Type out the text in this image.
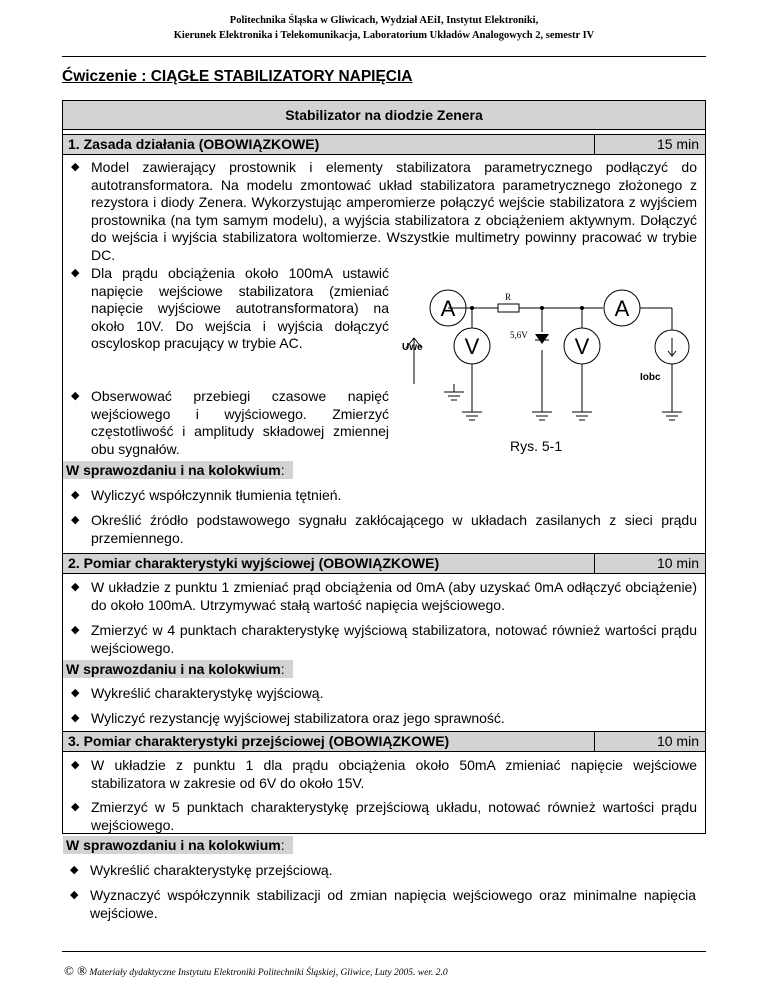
Politechnika Śląska w Gliwicach, Wydział AEiI, Instytut Elektroniki,
Kierunek Elektronika i Telekomunikacja, Laboratorium Układów Analogowych 2, semestr IV
Ćwiczenie : CIĄGŁE STABILIZATORY NAPIĘCIA
Stabilizator na diodzie Zenera
1. Zasada działania (OBOWIĄZKOWE)	15 min
◆ Model zawierający prostownik i elementy stabilizatora parametrycznego podłączyć do autotransformatora. Na modelu zmontować układ stabilizatora parametrycznego złożonego z rezystora i diody Zenera. Wykorzystując amperomierze połączyć wejście stabilizatora z wyjściem prostownika (na tym samym modelu), a wyjścia stabilizatora z obciążeniem aktywnym. Dołączyć do wejścia i wyjścia stabilizatora woltomierze. Wszystkie multimetry powinny pracować w trybie DC.
◆ Dla prądu obciążenia około 100mA ustawić napięcie wejściowe stabilizatora (zmieniać napięcie wyjściowe autotransformatora) na około 10V. Do wejścia i wyjścia dołączyć oscyloskop pracujący w trybie AC.
◆ Obserwować przebiegi czasowe napięć wejściowego i wyjściowego. Zmierzyć częstotliwość i amplitudy składowej zmiennej obu sygnałów.
W sprawozdaniu i na kolokwium:
◆ Wyliczyć współczynnik tłumienia tętnień.
◆ Określić źródło podstawowego sygnału zakłócającego w układach zasilanych z sieci prądu przemiennego.
2. Pomiar charakterystyki wyjściowej (OBOWIĄZKOWE)	10 min
◆ W układzie z punktu 1 zmieniać prąd obciążenia od 0mA (aby uzyskać 0mA odłączyć obciążenie) do około 100mA. Utrzymywać stałą wartość napięcia wejściowego.
◆ Zmierzyć w 4 punktach charakterystykę wyjściową stabilizatora, notować również wartości prądu wejściowego.
W sprawozdaniu i na kolokwium:
◆ Wykreślić charakterystykę wyjściową.
◆ Wyliczyć rezystancję wyjściowej stabilizatora oraz jego sprawność.
3. Pomiar charakterystyki przejściowej (OBOWIĄZKOWE)	10 min
◆ W układzie z punktu 1 dla prądu obciążenia około 50mA zmieniać napięcie wejściowe stabilizatora w zakresie od 6V do około 15V.
◆ Zmierzyć w 5 punktach charakterystykę przejściową układu, notować również wartości prądu wejściowego.
W sprawozdaniu i na kolokwium:
◆ Wykreślić charakterystykę przejściową.
◆ Wyznaczyć współczynnik stabilizacji od zmian napięcia wejściowego oraz minimalne napięcia wejściowe.
A	A
V	V
R
5,6V
Uwe
Iobc
Rys. 5-1
© ® Materiały dydaktyczne Instytutu Elektroniki Politechniki Śląskiej, Gliwice, Luty 2005. wer. 2.0
